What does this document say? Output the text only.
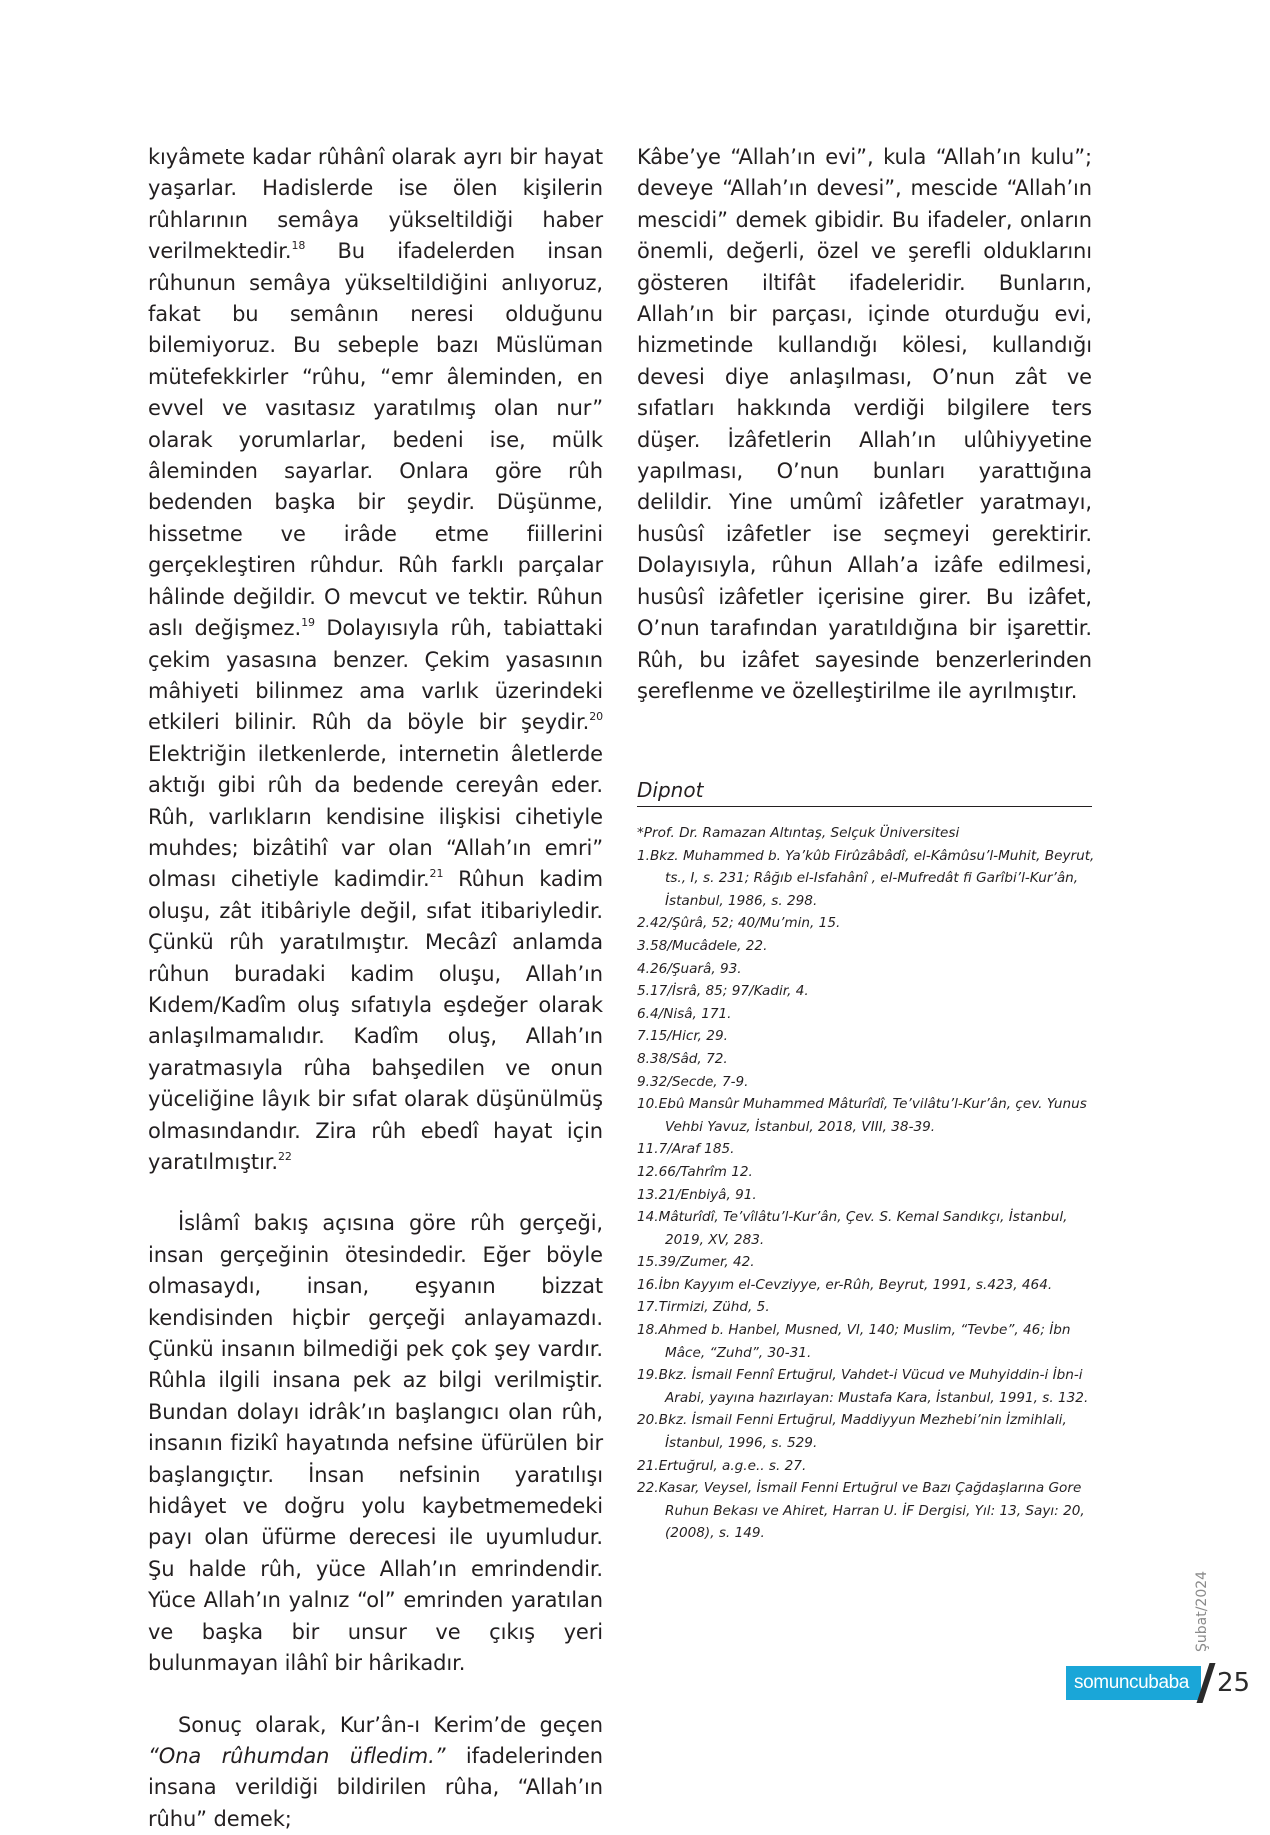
kıyâmete kadar rûhânî olarak ayrı bir hayat yaşarlar. Hadislerde ise ölen kişilerin rûhlarının semâya yükseltildiği haber verilmektedir.$^{18}$ Bu ifadelerden insan rûhunun semâya yükseltildiğini anlıyoruz, fakat bu semânın neresi olduğunu bilemiyoruz. Bu sebeple bazı Müslüman mütefekkirler “rûhu, “emr âleminden, en evvel ve vasıtasız yaratılmış olan nur” olarak yorumlarlar, bedeni ise, mülk âleminden sayarlar. Onlara göre rûh bedenden başka bir şeydir. Düşünme, hissetme ve irâde etme fiillerini gerçekleştiren rûhdur. Rûh farklı parçalar hâlinde değildir. O mevcut ve tektir. Rûhun aslı değişmez.$^{19}$ Dolayısıyla rûh, tabiattaki çekim yasasına benzer. Çekim yasasının mâhiyeti bilinmez ama varlık üzerindeki etkileri bilinir. Rûh da böyle bir şeydir.$^{20}$ Elektriğin iletkenlerde, internetin âletlerde aktığı gibi rûh da bedende cereyân eder. Rûh, varlıkların kendisine ilişkisi cihetiyle muhdes; bizâtihî var olan “Allah’ın emri” olması cihetiyle kadimdir.$^{21}$ Rûhun kadim oluşu, zât itibâriyle değil, sıfat itibariyledir. Çünkü rûh yaratılmıştır. Mecâzî anlamda rûhun buradaki kadim oluşu, Allah’ın Kıdem/Kadîm oluş sıfatıyla eşdeğer olarak anlaşılmamalıdır. Kadîm oluş, Allah’ın yaratmasıyla rûha bahşedilen ve onun yüceliğine lâyık bir sıfat olarak düşünülmüş olmasındandır. Zira rûh ebedî hayat için yaratılmıştır.$^{22}$

İslâmî bakış açısına göre rûh gerçeği, insan gerçeğinin ötesindedir. Eğer böyle olmasaydı, insan, eşyanın bizzat kendisinden hiçbir gerçeği anlayamazdı. Çünkü insanın bilmediği pek çok şey vardır. Rûhla ilgili insana pek az bilgi verilmiştir. Bundan dolayı idrâk’ın başlangıcı olan rûh, insanın fizikî hayatında nefsine üfürülen bir başlangıçtır. İnsan nefsinin yaratılışı hidâyet ve doğru yolu kaybetmemedeki payı olan üfürme derecesi ile uyumludur. Şu halde rûh, yüce Allah’ın emrindendir. Yüce Allah’ın yalnız “ol” emrinden yaratılan ve başka bir unsur ve çıkış yeri bulunmayan ilâhî bir hârikadır.

Sonuç olarak, Kur’ân-ı Kerim’de geçen “Ona rûhumdan üfledim.” ifadelerinden insana verildiği bildirilen rûha, “Allah’ın rûhu” demek;

Kâbe’ye “Allah’ın evi”, kula “Allah’ın kulu”; deveye “Allah’ın devesi”, mescide “Allah’ın mescidi” demek gibidir. Bu ifadeler, onların önemli, değerli, özel ve şerefli olduklarını gösteren iltifât ifadeleridir. Bunların, Allah’ın bir parçası, içinde oturduğu evi, hizmetinde kullandığı kölesi, kullandığı devesi diye anlaşılması, O’nun zât ve sıfatları hakkında verdiği bilgilere ters düşer. İzâfetlerin Allah’ın ulûhiyyetine yapılması, O’nun bunları yarattığına delildir. Yine umûmî izâfetler yaratmayı, husûsî izâfetler ise seçmeyi gerektirir. Dolayısıyla, rûhun Allah’a izâfe edilmesi, husûsî izâfetler içerisine girer. Bu izâfet, O’nun tarafından yaratıldığına bir işarettir. Rûh, bu izâfet sayesinde benzerlerinden şereflenme ve özelleştirilme ile ayrılmıştır.

Dipnot

*Prof. Dr. Ramazan Altıntaş, Selçuk Üniversitesi

1.Bkz. Muhammed b. Ya’kûb Firûzâbâdî, el-Kâmûsu’l-Muhit, Beyrut, ts., I, s. 231; Râğıb el-Isfahânî , el-Mufredât fi Garîbi’l-Kur’ân, İstanbul, 1986, s. 298.

2.42/Şûrâ, 52; 40/Mu’min, 15.

3.58/Mucâdele, 22.

4.26/Şuarâ, 93.

5.17/İsrâ, 85; 97/Kadir, 4.

6.4/Nisâ, 171.

7.15/Hicr, 29.

8.38/Sâd, 72.

9.32/Secde, 7-9.

10.Ebû Mansûr Muhammed Mâturîdî, Te’vilâtu’l-Kur’ân, çev. Yunus Vehbi Yavuz, İstanbul, 2018, VIII, 38-39.

11.7/Araf 185.

12.66/Tahrîm 12.

13.21/Enbiyâ, 91.

14.Mâturîdî, Te’vîlâtu’l-Kur’ân, Çev. S. Kemal Sandıkçı, İstanbul, 2019, XV, 283.

15.39/Zumer, 42.

16.İbn Kayyım el-Cevziyye, er-Rûh, Beyrut, 1991, s.423, 464.

17.Tirmizi, Zühd, 5.

18.Ahmed b. Hanbel, Musned, VI, 140; Muslim, “Tevbe”, 46; İbn Mâce, “Zuhd”, 30-31.

19.Bkz. İsmail Fennî Ertuğrul, Vahdet-i Vücud ve Muhyiddin-i İbn-i Arabi, yayına hazırlayan: Mustafa Kara, İstanbul, 1991, s. 132.

20.Bkz. İsmail Fenni Ertuğrul, Maddiyyun Mezhebi’nin İzmihlali, İstanbul, 1996, s. 529.

21.Ertuğrul, a.g.e.. s. 27.

22.Kasar, Veysel, İsmail Fenni Ertuğrul ve Bazı Çağdaşlarına Gore Ruhun Bekası ve Ahiret, Harran U. İF Dergisi, Yıl: 13, Sayı: 20, (2008), s. 149.

Şubat/2024
somuncubaba	25
